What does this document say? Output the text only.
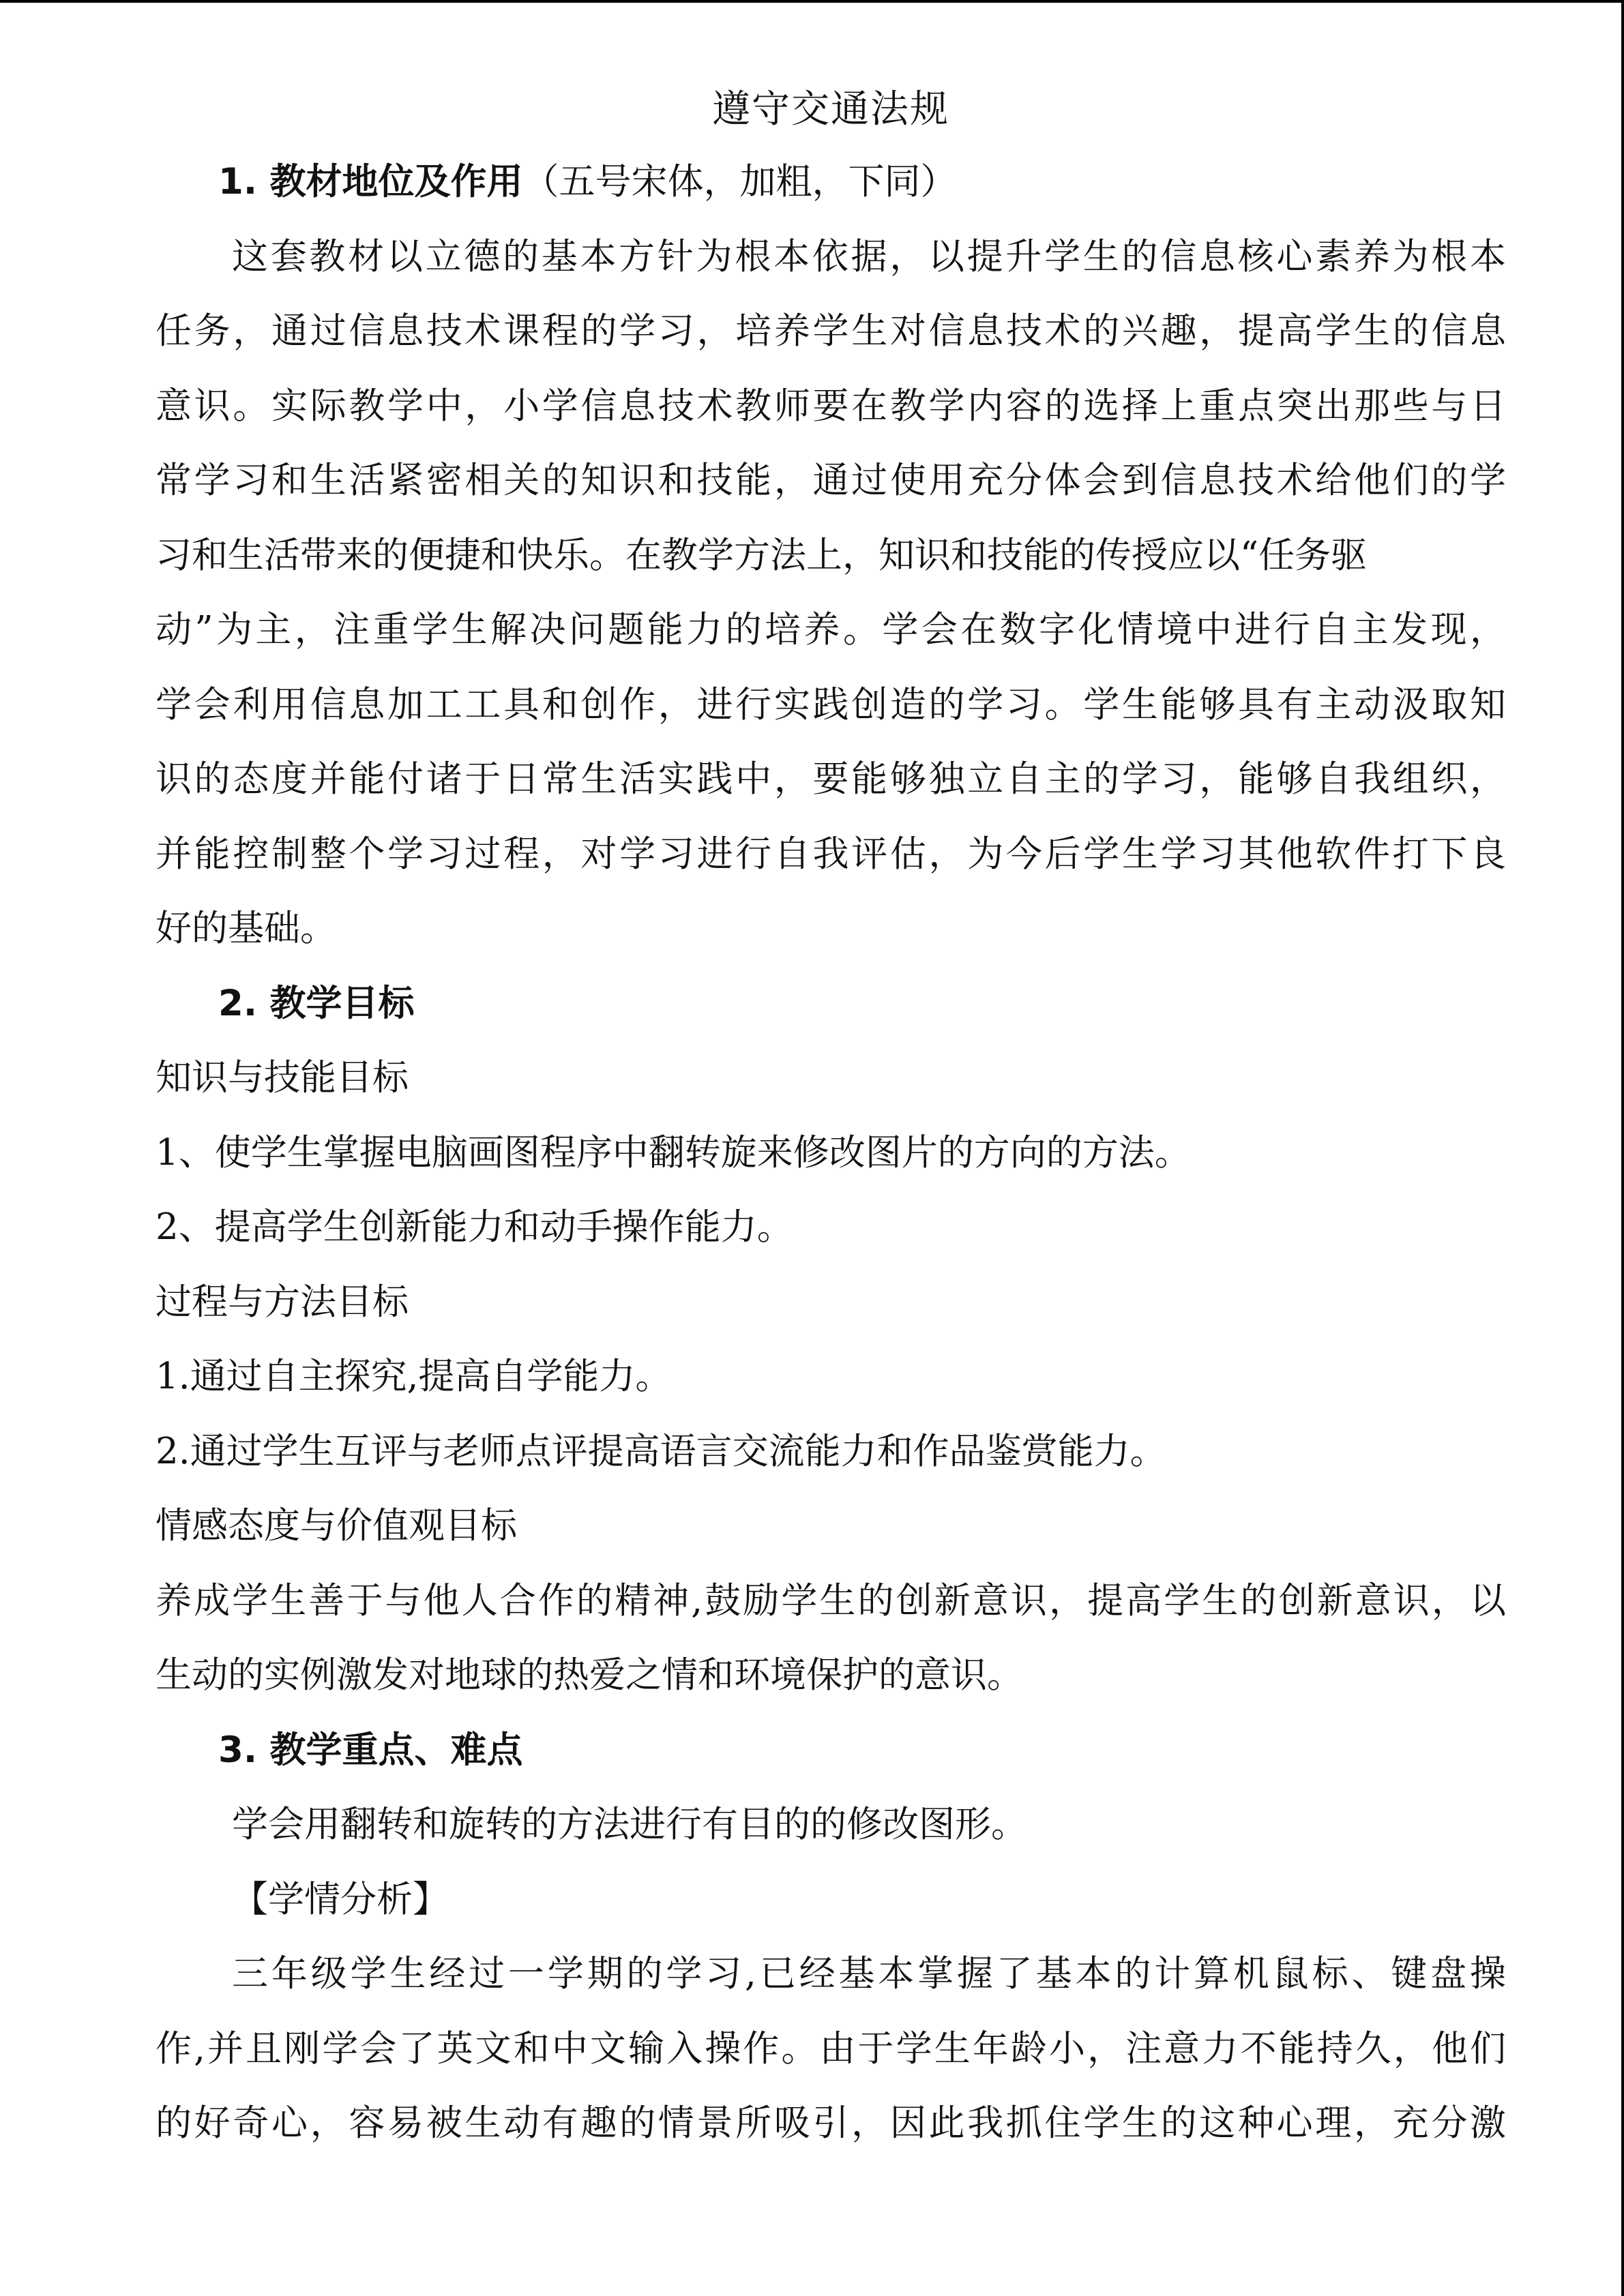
遵守交通法规

1. 教材地位及作用（五号宋体，加粗，下同）

这套教材以立德的基本方针为根本依据，以提升学生的信息核心素养为根本

任务，通过信息技术课程的学习，培养学生对信息技术的兴趣，提高学生的信息

意识。实际教学中，小学信息技术教师要在教学内容的选择上重点突出那些与日

常学习和生活紧密相关的知识和技能，通过使用充分体会到信息技术给他们的学

习和生活带来的便捷和快乐。在教学方法上，知识和技能的传授应以“任务驱

动”为主，注重学生解决问题能力的培养。学会在数字化情境中进行自主发现，

学会利用信息加工工具和创作，进行实践创造的学习。学生能够具有主动汲取知

识的态度并能付诸于日常生活实践中，要能够独立自主的学习，能够自我组织，

并能控制整个学习过程，对学习进行自我评估，为今后学生学习其他软件打下良

好的基础。

2. 教学目标

知识与技能目标

1、使学生掌握电脑画图程序中翻转旋来修改图片的方向的方法。

2、提高学生创新能力和动手操作能力。

过程与方法目标

1.通过自主探究,提高自学能力。

2.通过学生互评与老师点评提高语言交流能力和作品鉴赏能力。

情感态度与价值观目标

养成学生善于与他人合作的精神,鼓励学生的创新意识，提高学生的创新意识，以

生动的实例激发对地球的热爱之情和环境保护的意识。

3. 教学重点、难点

学会用翻转和旋转的方法进行有目的的修改图形。

【学情分析】

三年级学生经过一学期的学习,已经基本掌握了基本的计算机鼠标、键盘操

作,并且刚学会了英文和中文输入操作。由于学生年龄小，注意力不能持久，他们

的好奇心，容易被生动有趣的情景所吸引，因此我抓住学生的这种心理，充分激
